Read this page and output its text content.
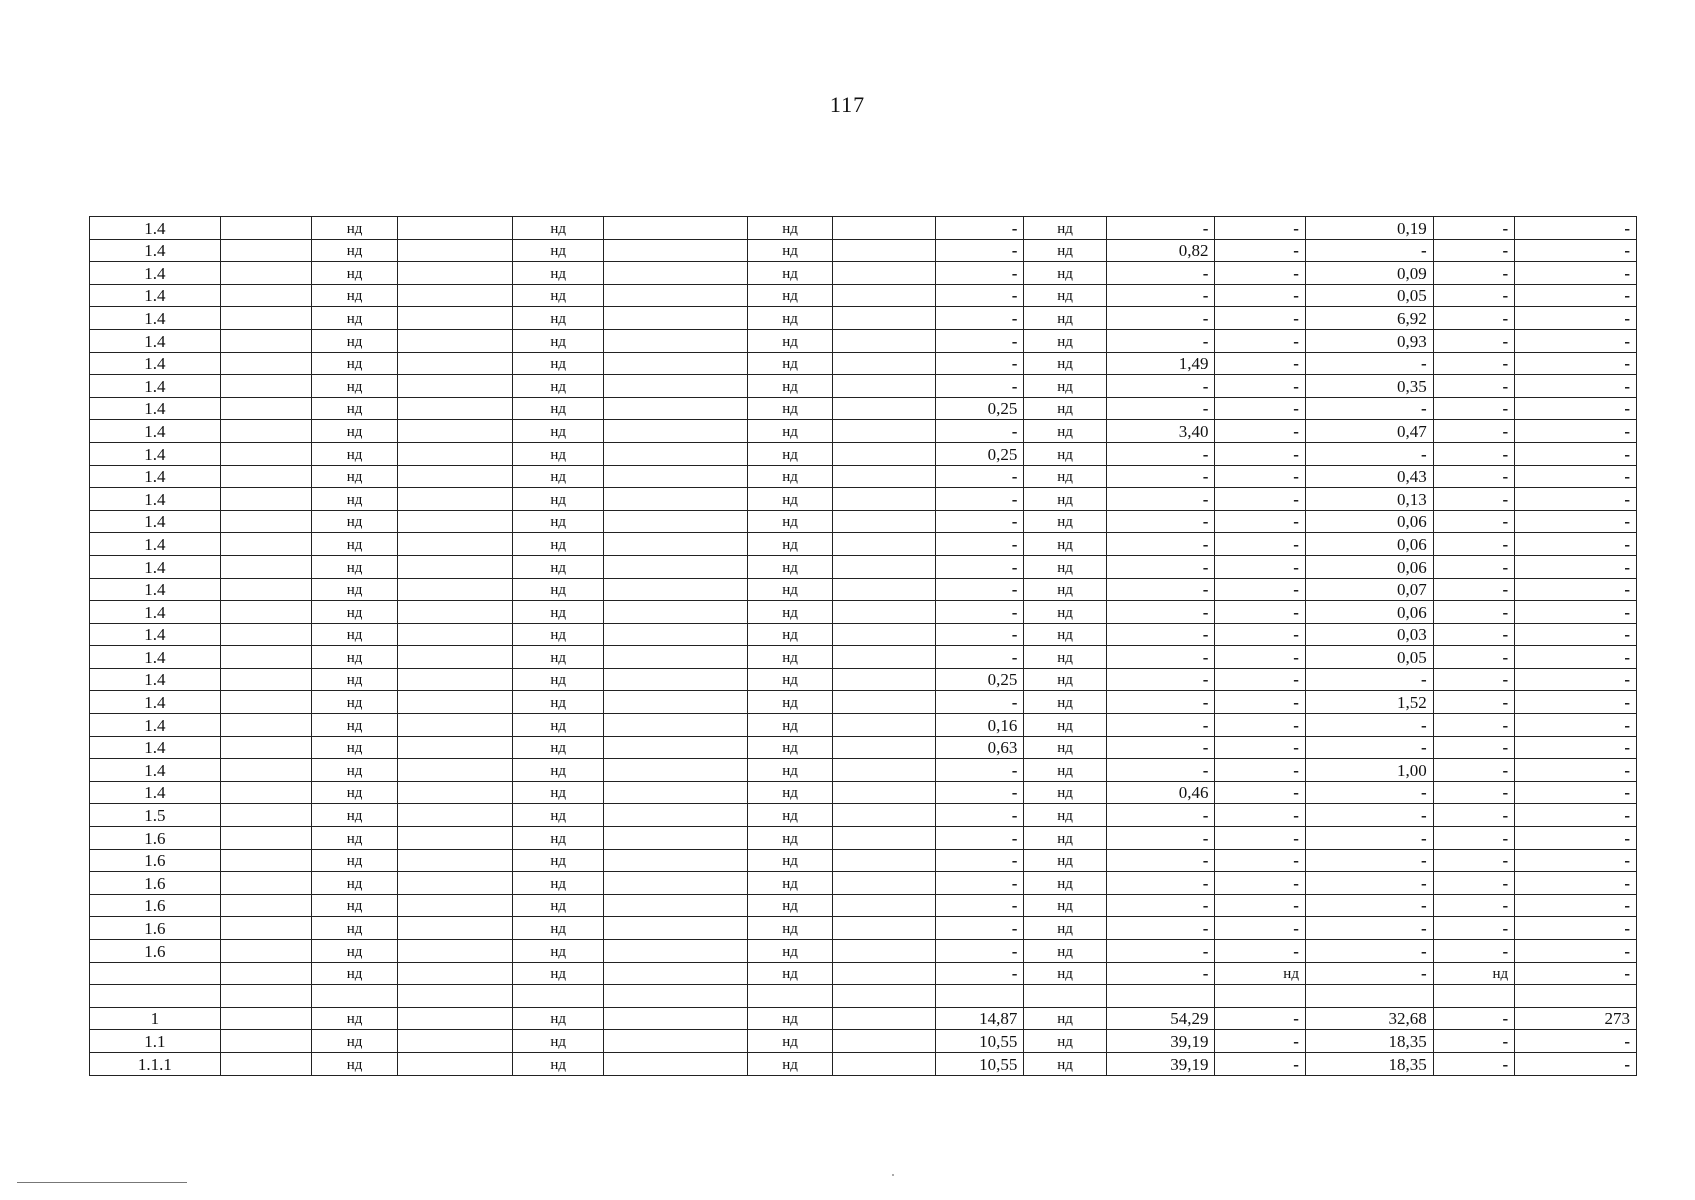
117
1.4		нд		нд		нд		-	нд	-	-	0,19	-	-
1.4		нд		нд		нд		-	нд	0,82	-	-	-	-
1.4		нд		нд		нд		-	нд	-	-	0,09	-	-
1.4		нд		нд		нд		-	нд	-	-	0,05	-	-
1.4		нд		нд		нд		-	нд	-	-	6,92	-	-
1.4		нд		нд		нд		-	нд	-	-	0,93	-	-
1.4		нд		нд		нд		-	нд	1,49	-	-	-	-
1.4		нд		нд		нд		-	нд	-	-	0,35	-	-
1.4		нд		нд		нд		0,25	нд	-	-	-	-	-
1.4		нд		нд		нд		-	нд	3,40	-	0,47	-	-
1.4		нд		нд		нд		0,25	нд	-	-	-	-	-
1.4		нд		нд		нд		-	нд	-	-	0,43	-	-
1.4		нд		нд		нд		-	нд	-	-	0,13	-	-
1.4		нд		нд		нд		-	нд	-	-	0,06	-	-
1.4		нд		нд		нд		-	нд	-	-	0,06	-	-
1.4		нд		нд		нд		-	нд	-	-	0,06	-	-
1.4		нд		нд		нд		-	нд	-	-	0,07	-	-
1.4		нд		нд		нд		-	нд	-	-	0,06	-	-
1.4		нд		нд		нд		-	нд	-	-	0,03	-	-
1.4		нд		нд		нд		-	нд	-	-	0,05	-	-
1.4		нд		нд		нд		0,25	нд	-	-	-	-	-
1.4		нд		нд		нд		-	нд	-	-	1,52	-	-
1.4		нд		нд		нд		0,16	нд	-	-	-	-	-
1.4		нд		нд		нд		0,63	нд	-	-	-	-	-
1.4		нд		нд		нд		-	нд	-	-	1,00	-	-
1.4		нд		нд		нд		-	нд	0,46	-	-	-	-
1.5		нд		нд		нд		-	нд	-	-	-	-	-
1.6		нд		нд		нд		-	нд	-	-	-	-	-
1.6		нд		нд		нд		-	нд	-	-	-	-	-
1.6		нд		нд		нд		-	нд	-	-	-	-	-
1.6		нд		нд		нд		-	нд	-	-	-	-	-
1.6		нд		нд		нд		-	нд	-	-	-	-	-
1.6		нд		нд		нд		-	нд	-	-	-	-	-
		нд		нд		нд		-	нд	-	нд	-	нд	-

1		нд		нд		нд		14,87	нд	54,29	-	32,68	-	273
1.1		нд		нд		нд		10,55	нд	39,19	-	18,35	-	-
1.1.1		нд		нд		нд		10,55	нд	39,19	-	18,35	-	-
